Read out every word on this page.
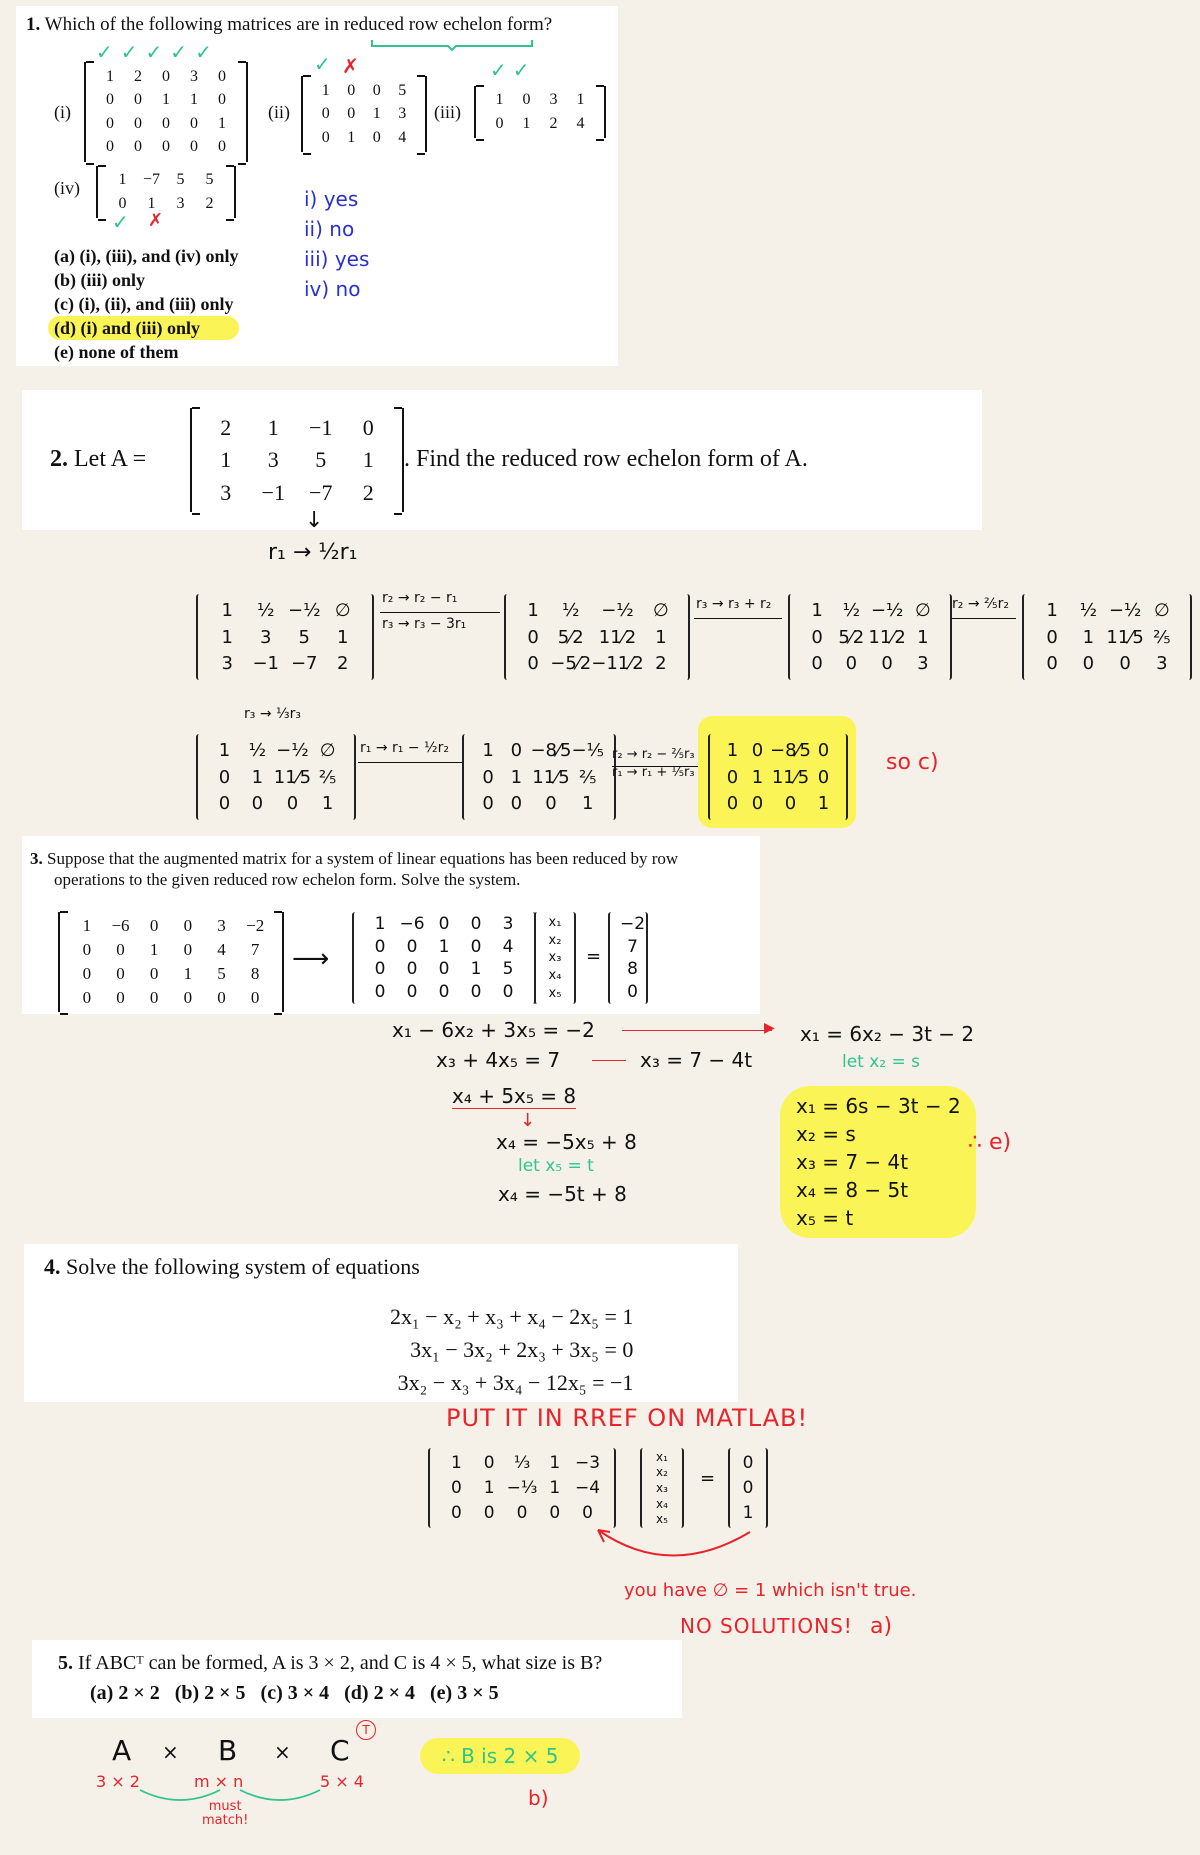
1. Which of the following matrices are in reduced row echelon form?
✓✓✓✓✓
(i)
1	2	0	3	0
0	0	1	1	0
0	0	0	0	1
0	0	0	0	0
✓ ✗
(ii)
1	0	0	5
0	0	1	3
0	1	0	4
✓✓
(iii)
1	0	3	1
0	1	2	4
(iv)	1	−7	5	5
0	1	3	2
✓ ✗
(a) (i), (iii), and (iv) only
(b) (iii) only
(c) (i), (ii), and (iii) only
(d) (i) and (iii) only
(e) none of them
i) yes
ii) no
iii) yes
iv) no
2. Let A =
2	1	−1	0
1	3	5	1
3	−1	−7	2
. Find the reduced row echelon form of A.
↓
r₁ → ½r₁
1	½ −½ ∅
1	3	5	1
3	−1 −7	2
r₂ → r₂ − r₁
r₃ → r₃ − 3r₁
1	½	−½	∅
0	5⁄2 11⁄2	1
0 −5⁄2 −11⁄2 2
r₃ → r₃ + r₂	1	½ −½ ∅
0 5⁄2 11⁄2 1
0	0	0	3
r₂ → ⅖r₂	1	½ −½ ∅
0	1 11⁄5 ⅖
0	0	0	3
r₃ → ⅓r₃
1	½ −½ ∅
0	1 11⁄5 ⅖
0	0	0	1
r₁ → r₁ − ½r₂	1 0 −8⁄5 −⅕
0 1 11⁄5 ⅖
0 0	0	1
r₂ → r₂ − ⅖r₃
r₁ → r₁ + ⅕r₃
1 0 −8⁄5 0
0 1 11⁄5 0
0 0	0	1
so c)
3. Suppose that the augmented matrix for a system of linear equations has been reduced by row
operations to the given reduced row echelon form. Solve the system.
1	−6	0	0	3	−2
0	0	1	0	4	7
0	0	0	1	5	8
0	0	0	0	0	0
⟶
1 −6 0	0	3
0	0	1	0	4
0	0	0	1	5
0	0	0	0	0
x₁
x₂
x₃
x₄
x₅
=
−2
7
8
0
x₁ − 6x₂ + 3x₅ = −2	▶
x₃ + 4x₅ = 7	x₃ = 7 − 4t
x₄ + 5x₅ = 8
↓
x₄ = −5x₅ + 8
let x₅ = t
x₄ = −5t + 8
x₁ = 6x₂ − 3t − 2
let x₂ = s
x₁ = 6s − 3t − 2
x₂ = s
x₃ = 7 − 4t
x₄ = 8 − 5t
x₅ = t
∴ e)
4. Solve the following system of equations
2x₁ − x₂ + x₃ + x₄ − 2x₅ = 1
3x₁ − 3x₂ + 2x₃ + 3x₅ = 0
3x₂ − x₃ + 3x₄ − 12x₅ = −1
PUT IT IN RREF ON MATLAB!
1	0	⅓	1 −3
0	1 −⅓ 1 −4
0	0	0	0	0
x₁
x₂
x₃
x₄
x₅
=
0
0
1
you have ∅ = 1 which isn't true.
NO SOLUTIONS! a)
5. If ABCᵀ can be formed, A is 3 × 2, and C is 4 × 5, what size is B?
(a) 2 × 2   (b) 2 × 5   (c) 3 × 4   (d) 2 × 4   (e) 3 × 5
A × B × C
T
3 × 2	m × n	5 × 4
must
match!
∴ B is 2 × 5
b)
